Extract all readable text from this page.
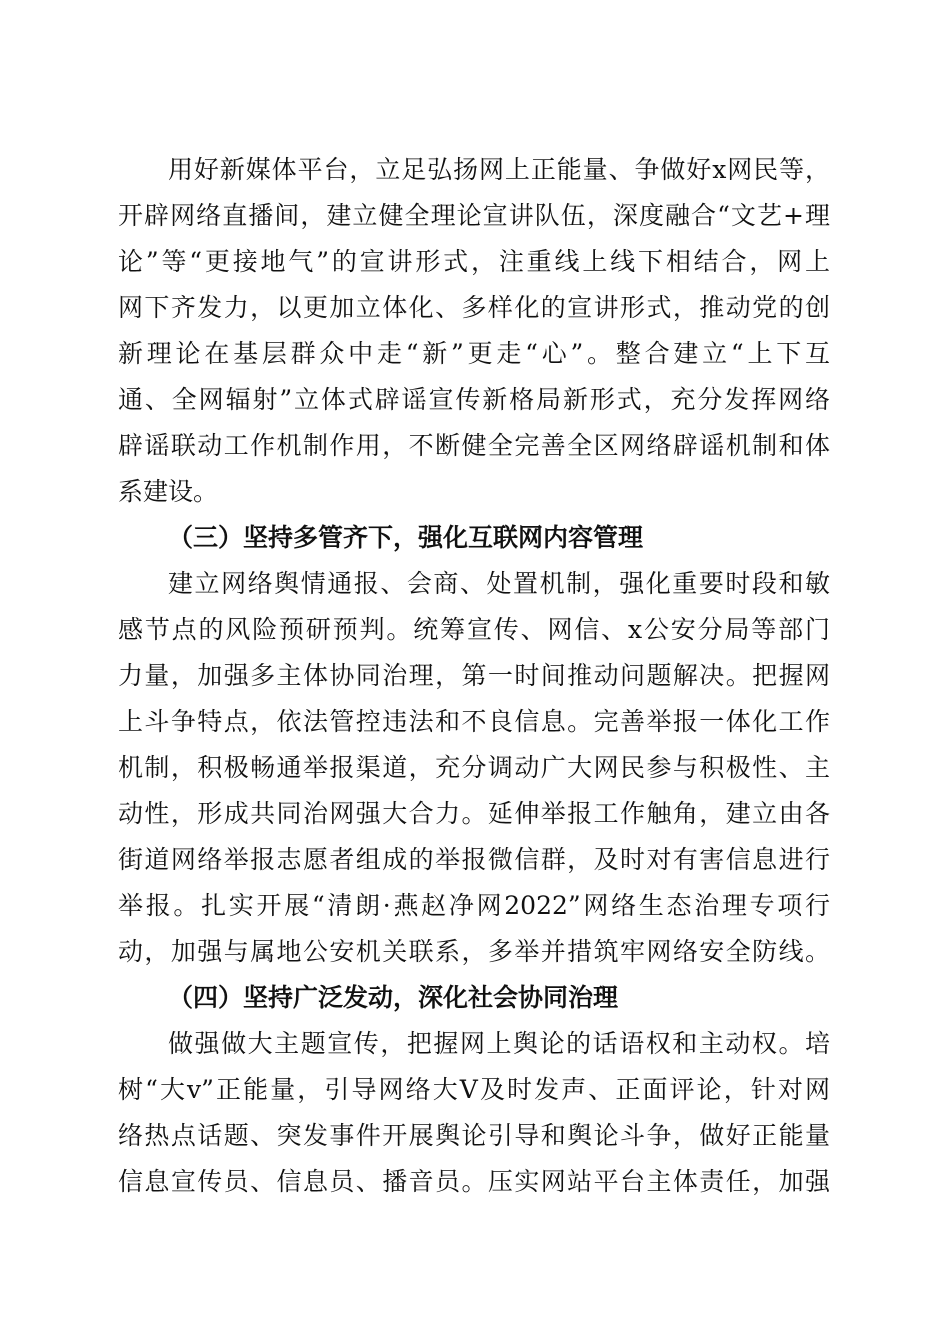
用好新媒体平台，立足弘扬网上正能量、争做好x网民等，
开辟网络直播间，建立健全理论宣讲队伍，深度融合“文艺+理
论”等“更接地气”的宣讲形式，注重线上线下相结合，网上
网下齐发力，以更加立体化、多样化的宣讲形式，推动党的创
新理论在基层群众中走“新”更走“心”。整合建立“上下互
通、全网辐射”立体式辟谣宣传新格局新形式，充分发挥网络
辟谣联动工作机制作用，不断健全完善全区网络辟谣机制和体
系建设。
（三）坚持多管齐下，强化互联网内容管理
建立网络舆情通报、会商、处置机制，强化重要时段和敏
感节点的风险预研预判。统筹宣传、网信、x公安分局等部门
力量，加强多主体协同治理，第一时间推动问题解决。把握网
上斗争特点，依法管控违法和不良信息。完善举报一体化工作
机制，积极畅通举报渠道，充分调动广大网民参与积极性、主
动性，形成共同治网强大合力。延伸举报工作触角，建立由各
街道网络举报志愿者组成的举报微信群，及时对有害信息进行
举报。扎实开展“清朗·燕赵净网2022”网络生态治理专项行
动，加强与属地公安机关联系，多举并措筑牢网络安全防线。
（四）坚持广泛发动，深化社会协同治理
做强做大主题宣传，把握网上舆论的话语权和主动权。培
树“大v”正能量，引导网络大V及时发声、正面评论，针对网
络热点话题、突发事件开展舆论引导和舆论斗争，做好正能量
信息宣传员、信息员、播音员。压实网站平台主体责任，加强
